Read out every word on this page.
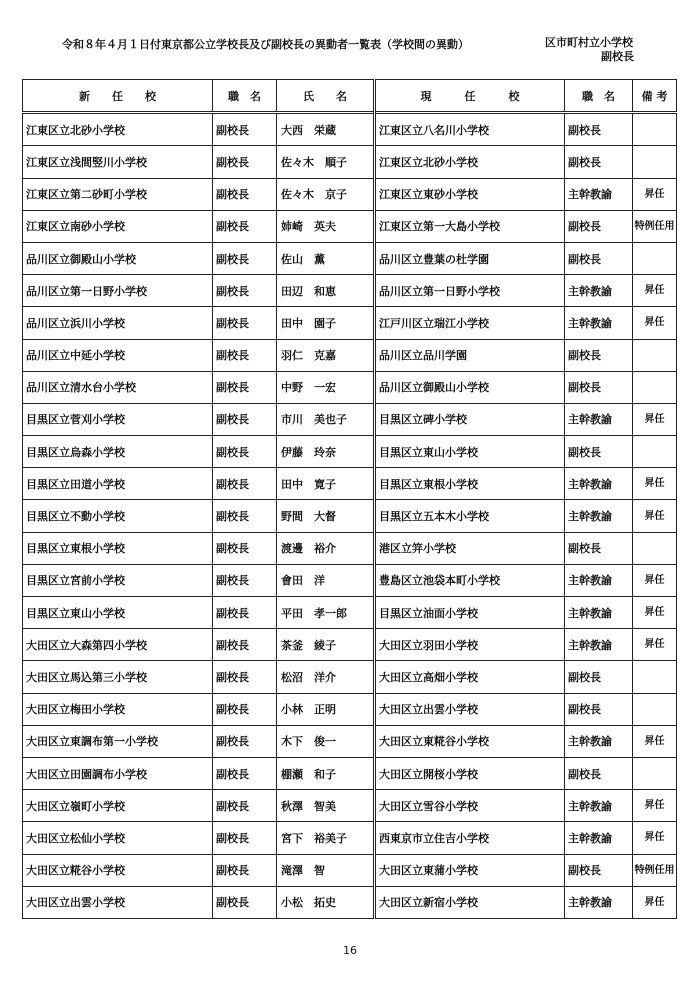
令和８年４月１日付東京都公立学校長及び副校長の異動者一覧表（学校間の異動）	区市町村立小学校
副校長
新　　任　　校	職　名	氏　　名	現　　　任　　　校	職　名	備 考
江東区立北砂小学校	副校長	大西　栄蔵	江東区立八名川小学校	副校長	
江東区立浅間竪川小学校	副校長	佐々木　順子	江東区立北砂小学校	副校長	
江東区立第二砂町小学校	副校長	佐々木　京子	江東区立東砂小学校	主幹教諭	昇任
江東区立南砂小学校	副校長	姉崎　英夫	江東区立第一大島小学校	副校長	特例任用
品川区立御殿山小学校	副校長	佐山　薫	品川区立豊葉の杜学園	副校長	
品川区立第一日野小学校	副校長	田辺　和恵	品川区立第一日野小学校	主幹教諭	昇任
品川区立浜川小学校	副校長	田中　園子	江戸川区立瑞江小学校	主幹教諭	昇任
品川区立中延小学校	副校長	羽仁　克嘉	品川区立品川学園	副校長	
品川区立清水台小学校	副校長	中野　一宏	品川区立御殿山小学校	副校長	
目黒区立菅刈小学校	副校長	市川　美也子	目黒区立碑小学校	主幹教諭	昇任
目黒区立烏森小学校	副校長	伊藤　玲奈	目黒区立東山小学校	副校長	
目黒区立田道小学校	副校長	田中　寛子	目黒区立東根小学校	主幹教諭	昇任
目黒区立不動小学校	副校長	野間　大督	目黒区立五本木小学校	主幹教諭	昇任
目黒区立東根小学校	副校長	渡邊　裕介	港区立笄小学校	副校長	
目黒区立宮前小学校	副校長	會田　洋	豊島区立池袋本町小学校	主幹教諭	昇任
目黒区立東山小学校	副校長	平田　孝一郎	目黒区立油面小学校	主幹教諭	昇任
大田区立大森第四小学校	副校長	茶釜　綾子	大田区立羽田小学校	主幹教諭	昇任
大田区立馬込第三小学校	副校長	松沼　洋介	大田区立高畑小学校	副校長	
大田区立梅田小学校	副校長	小林　正明	大田区立出雲小学校	副校長	
大田区立東調布第一小学校	副校長	木下　俊一	大田区立東糀谷小学校	主幹教諭	昇任
大田区立田園調布小学校	副校長	棚瀬　和子	大田区立開桜小学校	副校長	
大田区立嶺町小学校	副校長	秋澤　智美	大田区立雪谷小学校	主幹教諭	昇任
大田区立松仙小学校	副校長	宮下　裕美子	西東京市立住吉小学校	主幹教諭	昇任
大田区立糀谷小学校	副校長	滝澤　智	大田区立東蒲小学校	副校長	特例任用
大田区立出雲小学校	副校長	小松　拓史	大田区立新宿小学校	主幹教諭	昇任
16
